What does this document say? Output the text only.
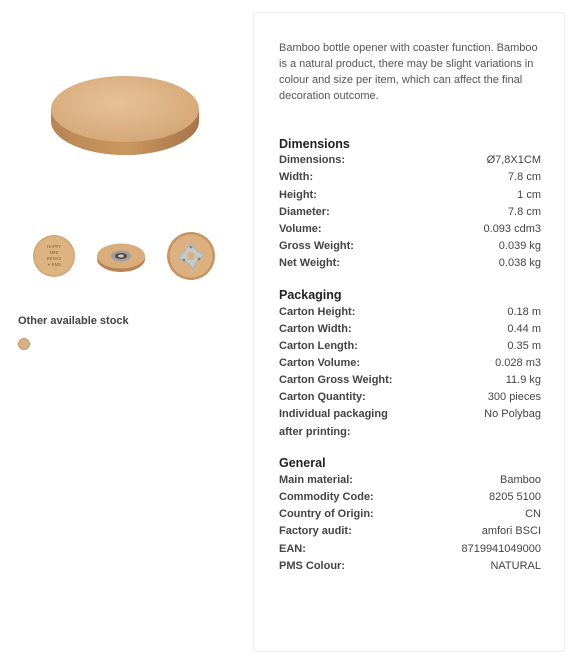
HAPPY
MINI
RENAS
✦ RMS
Other available stock

Bamboo bottle opener with coaster function. Bamboo is a natural product, there may be slight variations in colour and size per item, which can affect the final decoration outcome.

Dimensions
Dimensions:	Ø7,8X1CM
Width:	7.8 cm
Height:	1 cm
Diameter:	7.8 cm
Volume:	0.093 cdm3
Gross Weight:	0.039 kg
Net Weight:	0.038 kg
Packaging
Carton Height:	0.18 m
Carton Width:	0.44 m
Carton Length:	0.35 m
Carton Volume:	0.028 m3
Carton Gross Weight:	11.9 kg
Carton Quantity:	300 pieces
Individual packaging	No Polybag
after printing:
General
Main material:	Bamboo
Commodity Code:	8205 5100
Country of Origin:	CN
Factory audit:	amfori BSCI
EAN:	8719941049000
PMS Colour:	NATURAL
